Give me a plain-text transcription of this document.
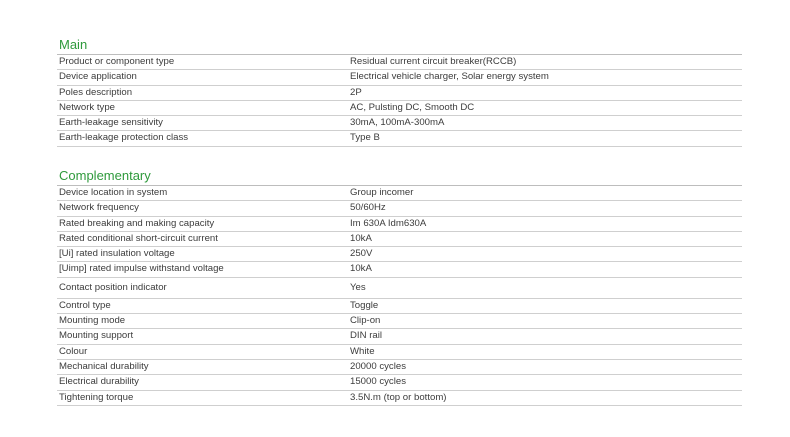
Main
Product or component type	Residual current circuit breaker(RCCB)
Device application	Electrical vehicle charger, Solar energy system
Poles description	2P
Network type	AC, Pulsting DC, Smooth DC
Earth-leakage sensitivity	30mA, 100mA-300mA
Earth-leakage protection class	Type B
Complementary
Device location in system	Group incomer
Network frequency	50/60Hz
Rated breaking and making capacity	Im 630A Idm630A
Rated conditional short-circuit current	10kA
[Ui] rated insulation voltage	250V
[Uimp] rated impulse withstand voltage	10kA
Contact position indicator	Yes
Control type	Toggle
Mounting mode	Clip-on
Mounting support	DIN rail
Colour	White
Mechanical durability	20000 cycles
Electrical durability	15000 cycles
Tightening torque	3.5N.m (top or bottom)
